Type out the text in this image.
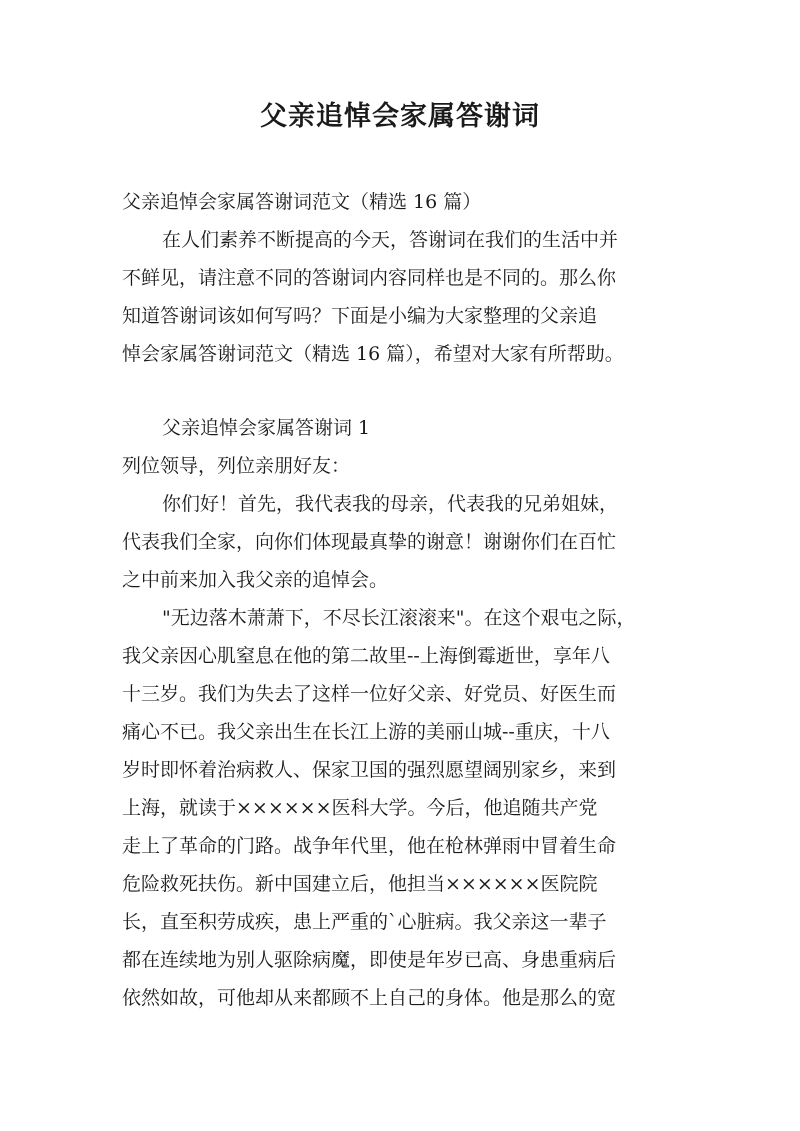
父亲追悼会家属答谢词
父亲追悼会家属答谢词范文（精选 16 篇）
在人们素养不断提高的今天，答谢词在我们的生活中并
不鲜见，请注意不同的答谢词内容同样也是不同的。那么你
知道答谢词该如何写吗？下面是小编为大家整理的父亲追
悼会家属答谢词范文（精选 16 篇），希望对大家有所帮助。
父亲追悼会家属答谢词 1
列位领导，列位亲朋好友：
你们好！首先，我代表我的母亲，代表我的兄弟姐妹，
代表我们全家，向你们体现最真挚的谢意！谢谢你们在百忙
之中前来加入我父亲的追悼会。
"无边落木萧萧下，不尽长江滚滚来"。在这个艰屯之际，
我父亲因心肌窒息在他的第二故里--上海倒霉逝世，享年八
十三岁。我们为失去了这样一位好父亲、好党员、好医生而
痛心不已。我父亲出生在长江上游的美丽山城--重庆，十八
岁时即怀着治病救人、保家卫国的强烈愿望阔别家乡，来到
上海，就读于××××××医科大学。今后，他追随共产党
走上了革命的门路。战争年代里，他在枪林弹雨中冒着生命
危险救死扶伤。新中国建立后，他担当××××××医院院
长，直至积劳成疾，患上严重的`心脏病。我父亲这一辈子
都在连续地为别人驱除病魔，即使是年岁已高、身患重病后
依然如故，可他却从来都顾不上自己的身体。他是那么的宽
